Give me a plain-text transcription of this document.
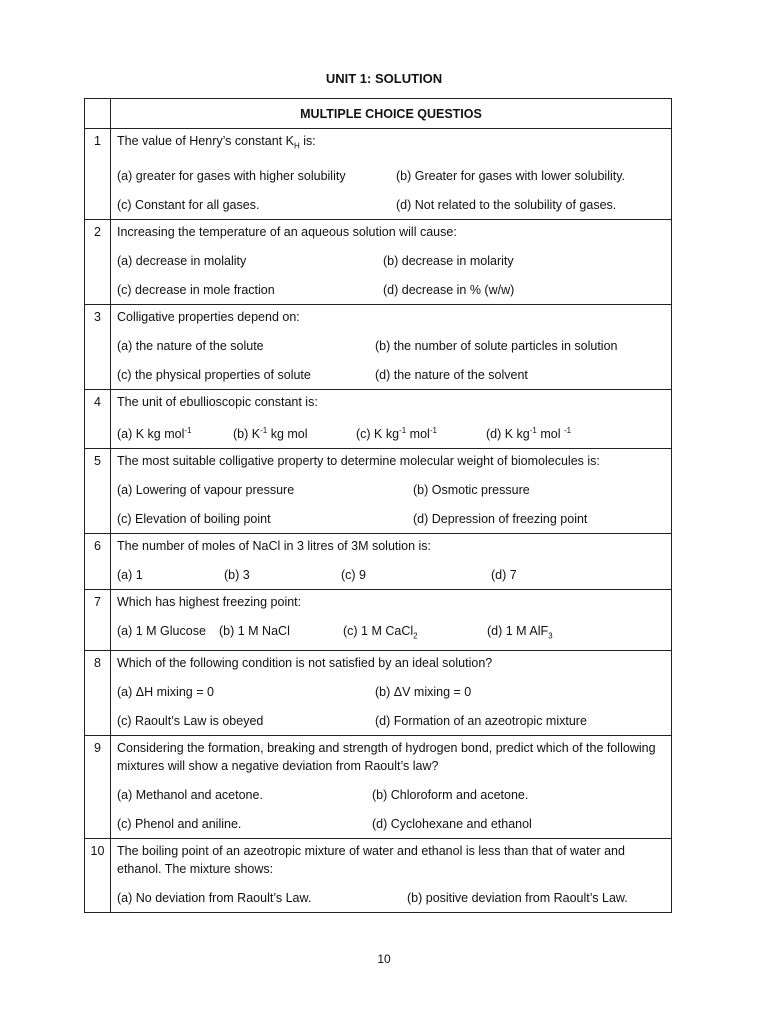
UNIT 1: SOLUTION
	MULTIPLE CHOICE QUESTIOS
1	The value of Henry’s constant $K_H$ is:
(a) greater for gases with higher solubility (b) Greater for gases with lower solubility.
(c) Constant for all gases. (d) Not related to the solubility of gases.

2	Increasing the temperature of an aqueous solution will cause:
(a) decrease in molality (b) decrease in molarity
(c) decrease in mole fraction (d) decrease in % (w/w)

3	Colligative properties depend on:
(a) the nature of the solute (b) the number of solute particles in solution
(c) the physical properties of solute (d) the nature of the solvent

4	The unit of ebullioscopic constant is:
(a) K kg mol$^{-1}$ (b) $K^{-1}$ kg mol (c) K $kg^{-1}$ mol$^{-1}$ (d) K $kg^{-1}$ mol $^{-1}$

5	The most suitable colligative property to determine molecular weight of biomolecules is:
(a) Lowering of vapour pressure (b) Osmotic pressure
(c) Elevation of boiling point (d) Depression of freezing point

6	The number of moles of NaCl in 3 litres of 3M solution is:
(a) 1 (b) 3 (c) 9 (d) 7

7	Which has highest freezing point:
(a) 1 M Glucose (b) 1 M NaCl (c) 1 M CaCl$_2$ (d) 1 M AlF$_3$

8	Which of the following condition is not satisfied by an ideal solution?
(a) ΔH mixing = 0 (b) ΔV mixing = 0
(c) Raoult’s Law is obeyed (d) Formation of an azeotropic mixture

9	Considering the formation, breaking and strength of hydrogen bond, predict which of the following mixtures will show a negative deviation from Raoult’s law?
(a) Methanol and acetone. (b) Chloroform and acetone.
(c) Phenol and aniline. (d) Cyclohexane and ethanol

10	The boiling point of an azeotropic mixture of water and ethanol is less than that of water and ethanol. The mixture shows:
(a) No deviation from Raoult’s Law. (b) positive deviation from Raoult’s Law.
10
